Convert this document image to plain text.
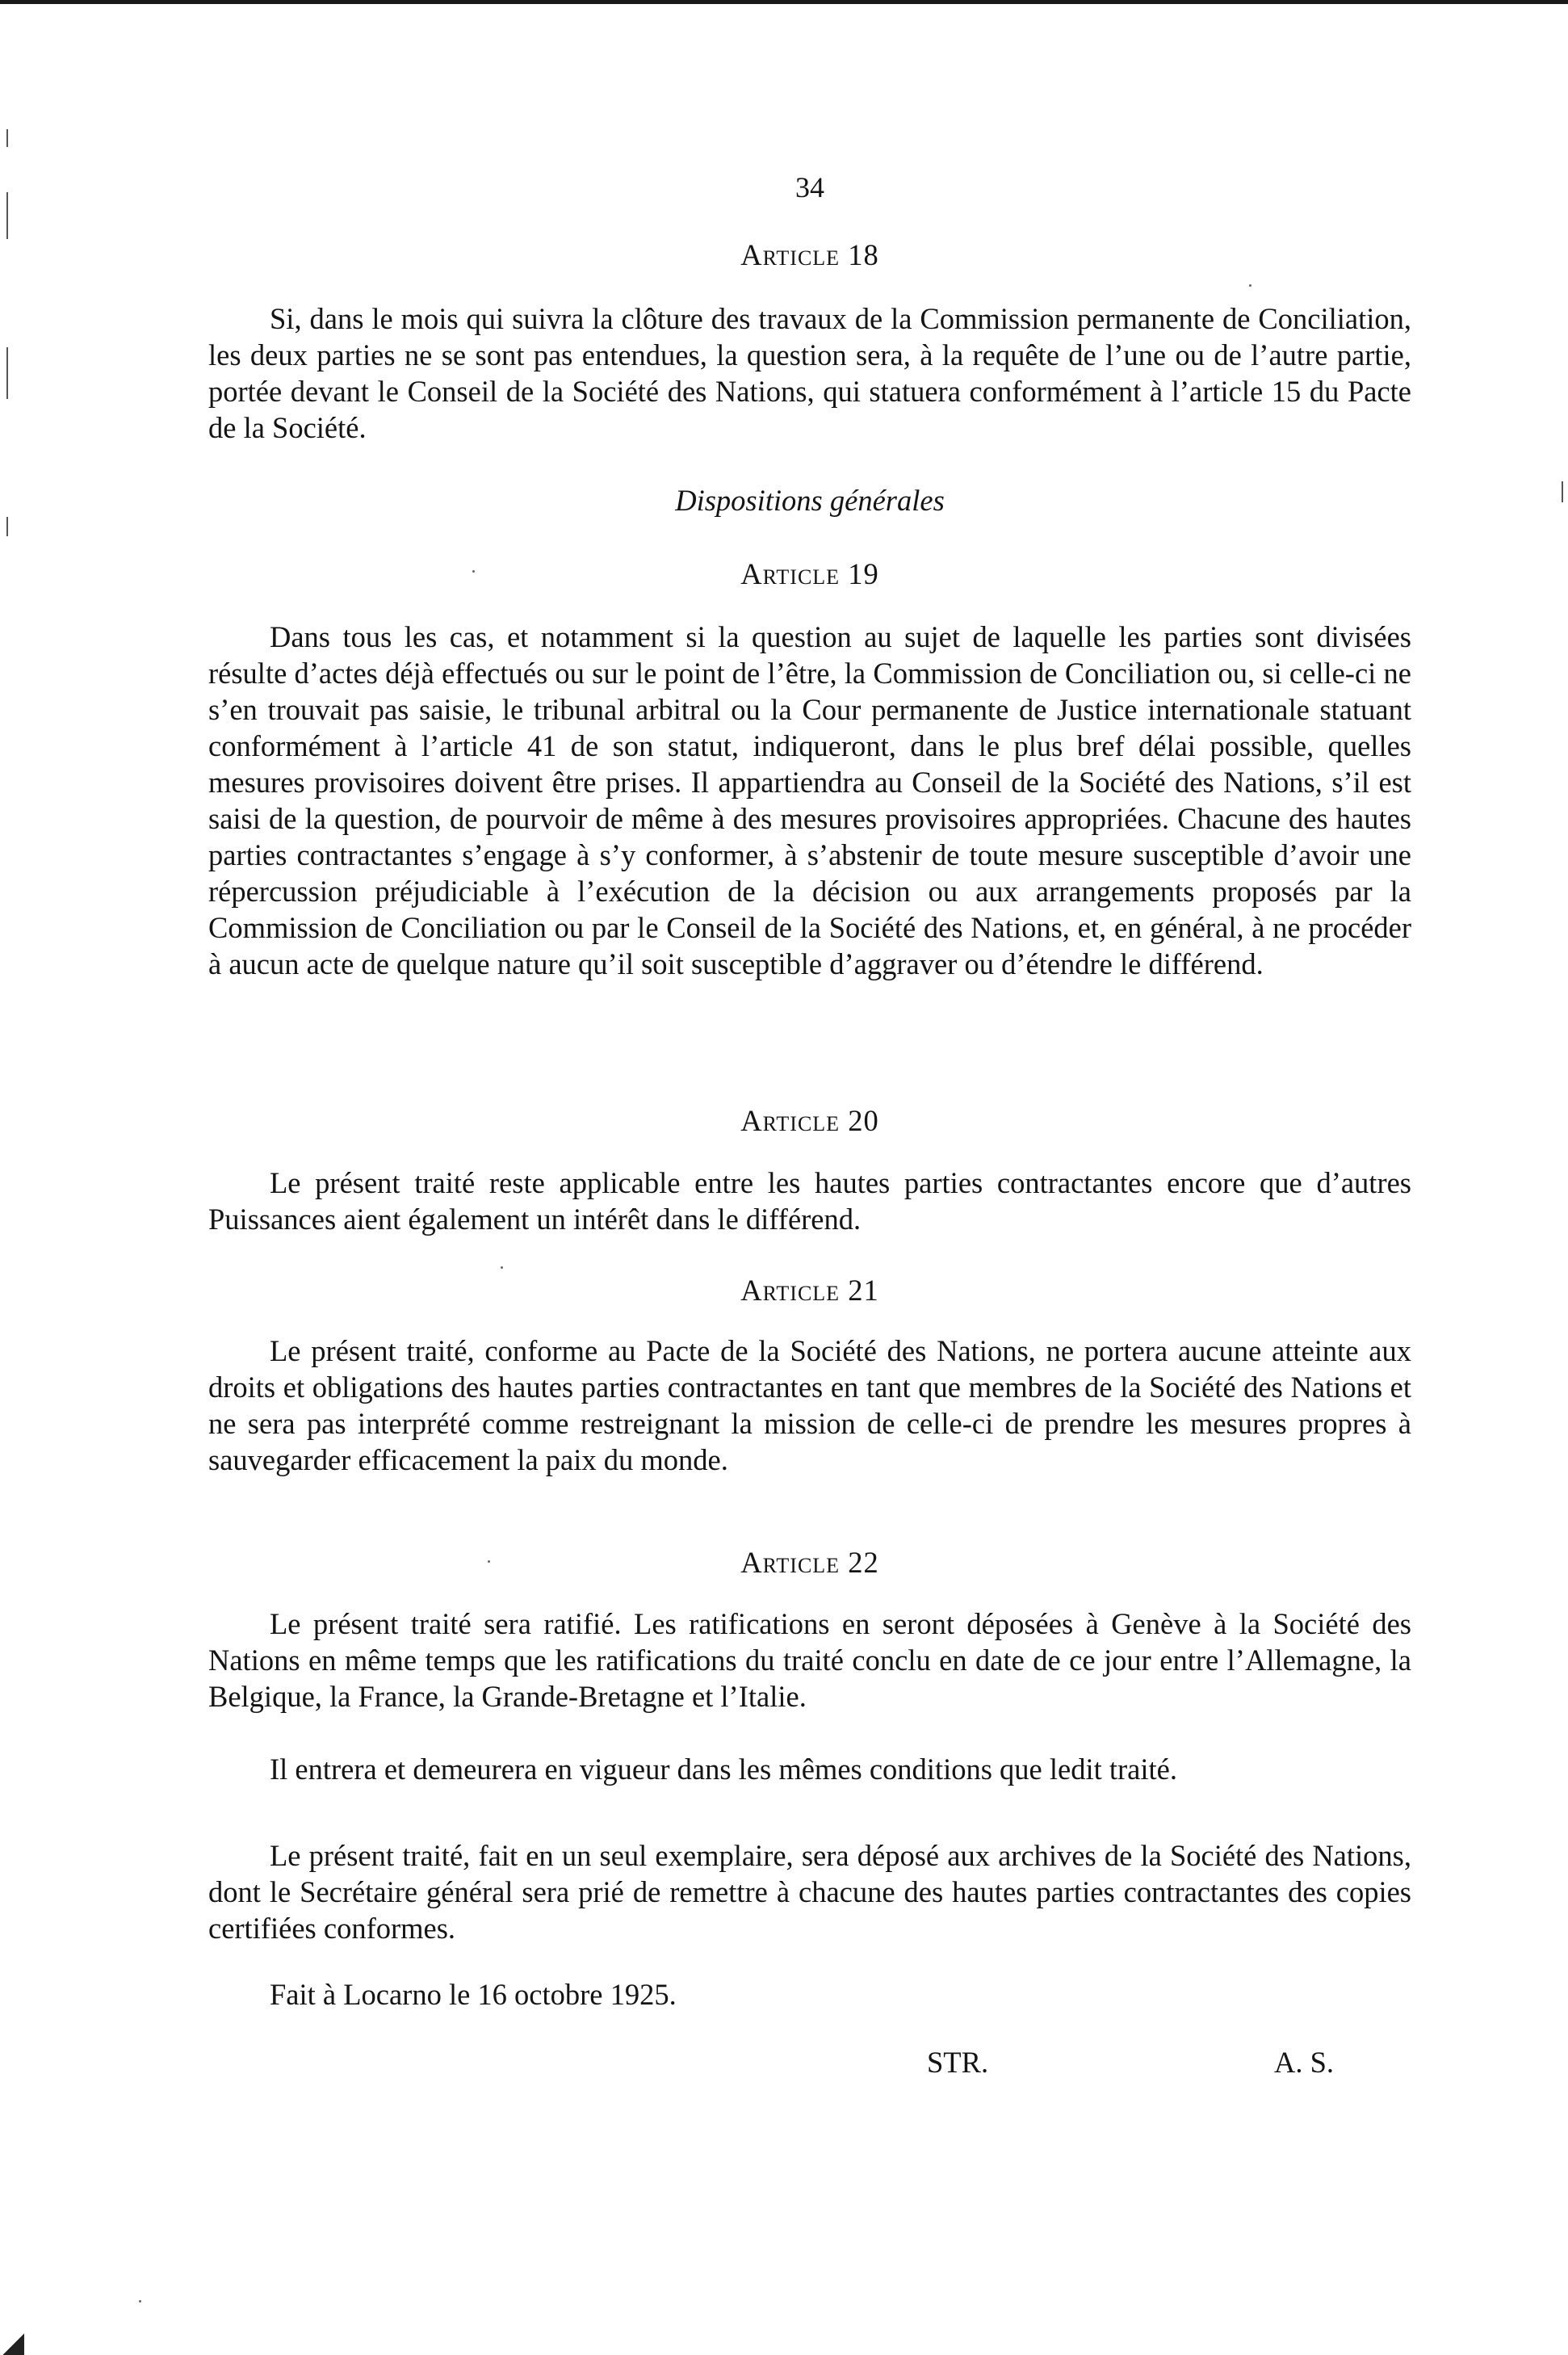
34
Article 18

Si, dans le mois qui suivra la clôture des travaux de la Commission permanente de Conciliation, les deux parties ne se sont pas entendues, la question sera, à la requête de l’une ou de l’autre partie, portée devant le Conseil de la Société des Nations, qui statuera conformément à l’article 15 du Pacte de la Société.

Dispositions générales
Article 19

Dans tous les cas, et notamment si la question au sujet de laquelle les parties sont divisées résulte d’actes déjà effectués ou sur le point de l’être, la Commission de Conciliation ou, si celle-ci ne s’en trouvait pas saisie, le tribunal arbitral ou la Cour permanente de Justice internationale statuant conformément à l’article 41 de son statut, indiqueront, dans le plus bref délai possible, quelles mesures provisoires doivent être prises. Il appartiendra au Conseil de la Société des Nations, s’il est saisi de la question, de pourvoir de même à des mesures provisoires appropriées. Chacune des hautes parties contractantes s’engage à s’y conformer, à s’abstenir de toute mesure susceptible d’avoir une répercussion préjudiciable à l’exécution de la décision ou aux arrangements proposés par la Commission de Conciliation ou par le Conseil de la Société des Nations, et, en général, à ne procéder à aucun acte de quelque nature qu’il soit susceptible d’aggraver ou d’étendre le différend.

Article 20

Le présent traité reste applicable entre les hautes parties contractantes encore que d’autres Puissances aient également un intérêt dans le différend.

Article 21

Le présent traité, conforme au Pacte de la Société des Nations, ne portera aucune atteinte aux droits et obligations des hautes parties contractantes en tant que membres de la Société des Nations et ne sera pas interprété comme restreignant la mission de celle-ci de prendre les mesures propres à sauvegarder efficacement la paix du monde.

Article 22

Le présent traité sera ratifié. Les ratifications en seront déposées à Genève à la Société des Nations en même temps que les ratifications du traité conclu en date de ce jour entre l’Allemagne, la Belgique, la France, la Grande-Bretagne et l’Italie.

Il entrera et demeurera en vigueur dans les mêmes conditions que ledit traité.

Le présent traité, fait en un seul exemplaire, sera déposé aux archives de la Société des Nations, dont le Secrétaire général sera prié de remettre à chacune des hautes parties contractantes des copies certifiées conformes.

Fait à Locarno le 16 octobre 1925.

STR.	A. S.
